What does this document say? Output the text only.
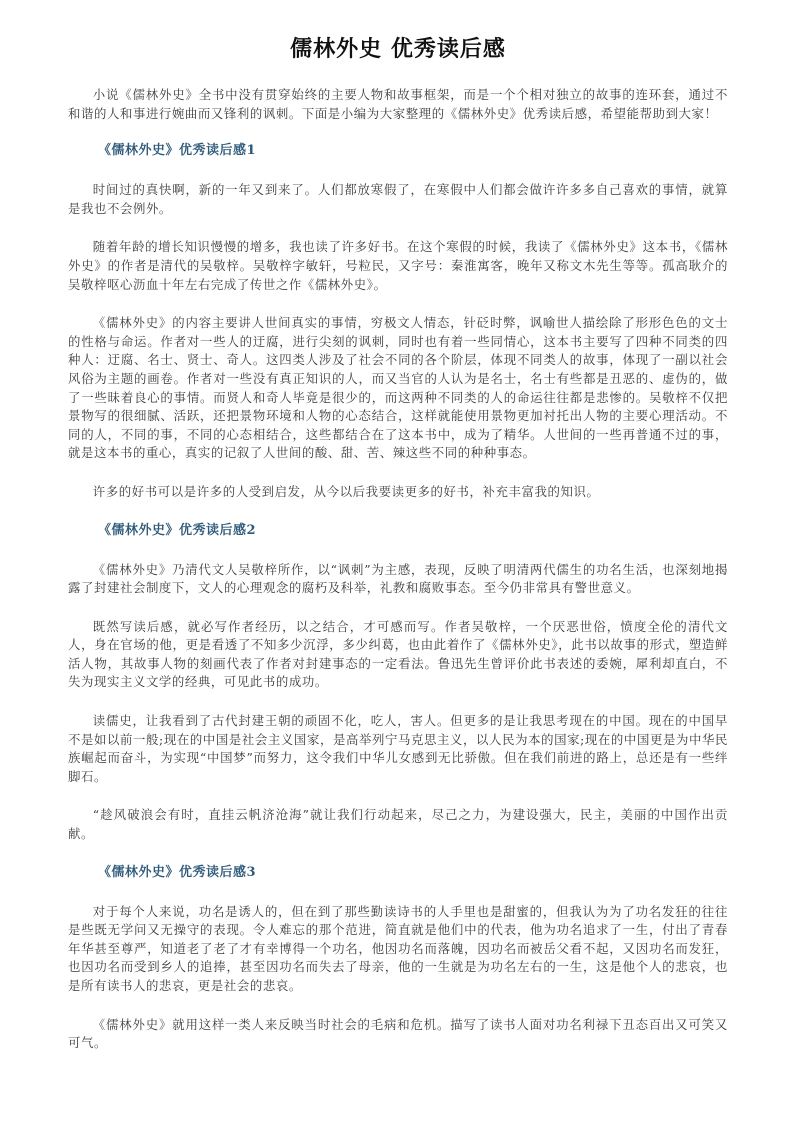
儒林外史 优秀读后感

小说《儒林外史》全书中没有贯穿始终的主要人物和故事框架，而是一个个相对独立的故事的连环套，通过不和谐的人和事进行婉曲而又锋利的讽刺。下面是小编为大家整理的《儒林外史》优秀读后感，希望能帮助到大家！

《儒林外史》优秀读后感1

时间过的真快啊，新的一年又到来了。人们都放寒假了，在寒假中人们都会做许许多多自己喜欢的事情，就算是我也不会例外。

随着年龄的增长知识慢慢的增多，我也读了许多好书。在这个寒假的时候，我读了《儒林外史》这本书，《儒林外史》的作者是清代的吴敬梓。吴敬梓字敏轩，号粒民，又字号：秦淮寓客，晚年又称文木先生等等。孤高耿介的吴敬梓呕心沥血十年左右完成了传世之作《儒林外史》。

《儒林外史》的内容主要讲人世间真实的事情，穷极文人情态，针砭时弊，讽喻世人描绘除了形形色色的文士的性格与命运。作者对一些人的迂腐，进行尖刻的讽刺，同时也有着一些同情心，这本书主要写了四种不同类的四种人：迂腐、名士、贤士、奇人。这四类人涉及了社会不同的各个阶层，体现不同类人的故事，体现了一副以社会风俗为主题的画卷。作者对一些没有真正知识的人，而又当官的人认为是名士，名士有些都是丑恶的、虚伪的，做了一些昧着良心的事情。而贤人和奇人毕竟是很少的，而这两种不同类的人的命运往往都是悲惨的。吴敬梓不仅把景物写的很细腻、活跃，还把景物环境和人物的心态结合，这样就能使用景物更加衬托出人物的主要心理活动。不同的人，不同的事，不同的心态相结合，这些都结合在了这本书中，成为了精华。人世间的一些再普通不过的事，就是这本书的重心，真实的记叙了人世间的酸、甜、苦、辣这些不同的种种事态。

许多的好书可以是许多的人受到启发，从今以后我要读更多的好书，补充丰富我的知识。

《儒林外史》优秀读后感2

《儒林外史》乃清代文人吴敬梓所作，以“讽刺”为主感，表现，反映了明清两代儒生的功名生活，也深刻地揭露了封建社会制度下，文人的心理观念的腐朽及科举，礼教和腐败事态。至今仍非常具有警世意义。

既然写读后感，就必写作者经历，以之结合，才可感而写。作者吴敬梓，一个厌恶世俗，愤度全伦的清代文人，身在官场的他，更是看透了不知多少沉浮，多少纠葛，也由此着作了《儒林外史》，此书以故事的形式，塑造鲜活人物，其故事人物的刻画代表了作者对封建事态的一定看法。鲁迅先生曾评价此书表述的委婉，犀利却直白，不失为现实主义文学的经典，可见此书的成功。

读儒史，让我看到了古代封建王朝的顽固不化，吃人，害人。但更多的是让我思考现在的中国。现在的中国早不是如以前一般;现在的中国是社会主义国家，是高举列宁马克思主义，以人民为本的国家;现在的中国更是为中华民族崛起而奋斗，为实现“中国梦”而努力，这令我们中华儿女感到无比骄傲。但在我们前进的路上，总还是有一些绊脚石。

“趁风破浪会有时，直挂云帆济沧海”就让我们行动起来，尽己之力，为建设强大，民主，美丽的中国作出贡献。

《儒林外史》优秀读后感3

对于每个人来说，功名是诱人的，但在到了那些勤读诗书的人手里也是甜蜜的，但我认为为了功名发狂的往往是些既无学问又无操守的表现。令人难忘的那个范进，简直就是他们中的代表，他为功名追求了一生，付出了青春年华甚至尊严，知道老了老了才有幸博得一个功名，他因功名而落魄，因功名而被岳父看不起，又因功名而发狂，也因功名而受到乡人的追捧，甚至因功名而失去了母亲，他的一生就是为功名左右的一生，这是他个人的悲哀，也是所有读书人的悲哀，更是社会的悲哀。

《儒林外史》就用这样一类人来反映当时社会的毛病和危机。描写了读书人面对功名利禄下丑态百出又可笑又可气。
